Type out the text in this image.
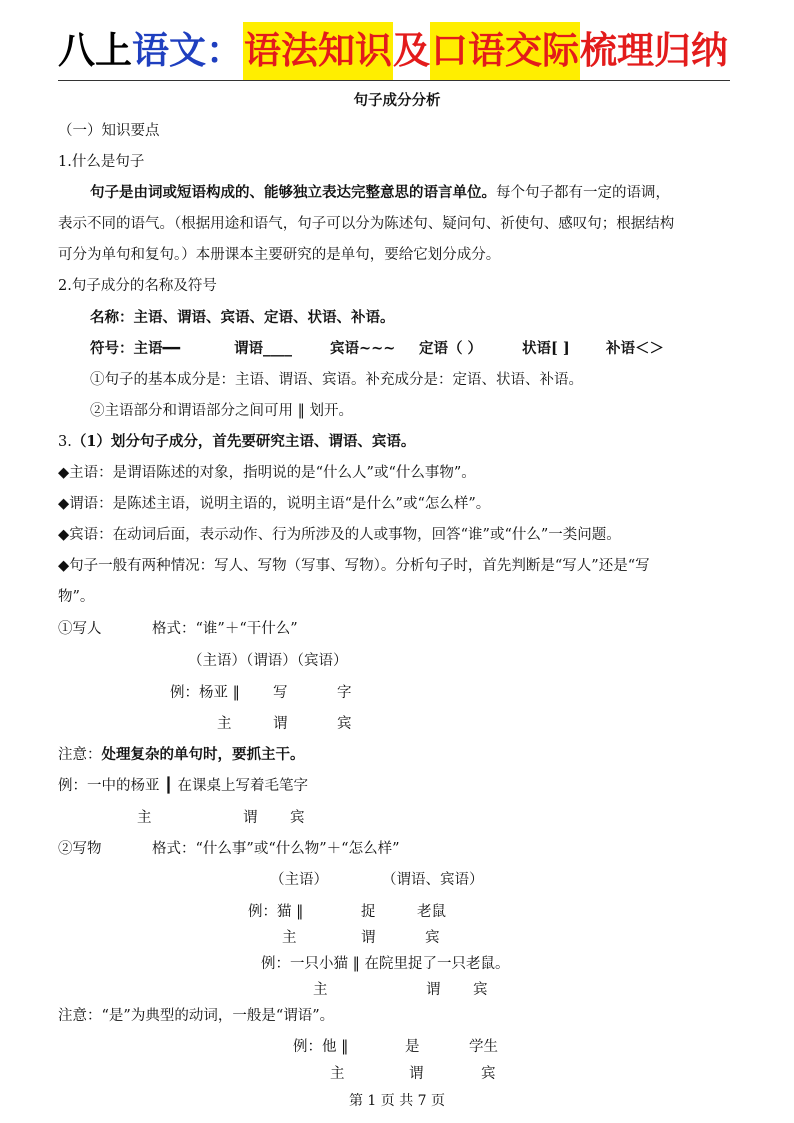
八上语文：语法知识及口语交际梳理归纳
句子成分分析
（一）知识要点
1.什么是句子
句子是由词或短语构成的、能够独立表达完整意思的语言单位。每个句子都有一定的语调，
表示不同的语气。（根据用途和语气，句子可以分为陈述句、疑问句、祈使句、感叹句；根据结构
可分为单句和复句。）本册课本主要研究的是单句，要给它划分成分。
2.句子成分的名称及符号
名称：主语、谓语、宾语、定语、状语、补语。
符号：主语━━	谓语____	宾语~~~ 定语（ ）	状语[ ] 补语＜＞
①句子的基本成分是：主语、谓语、宾语。补充成分是：定语、状语、补语。
②主语部分和谓语部分之间可用 ‖ 划开。
3.（1）划分句子成分，首先要研究主语、谓语、宾语。
◆主语：是谓语陈述的对象，指明说的是“什么人”或“什么事物”。
◆谓语：是陈述主语，说明主语的，说明主语“是什么”或“怎么样”。
◆宾语：在动词后面，表示动作、行为所涉及的人或事物，回答“谁”或“什么”一类问题。
◆句子一般有两种情况：写人、写物（写事、写物）。分析句子时，首先判断是“写人”还是“写
物”。
①写人	格式：“谁”＋“干什么”
（主语）（谓语）（宾语）
例：杨亚 ‖ 写	字
主	谓	宾
注意：处理复杂的单句时，要抓主干。
例：一中的杨亚 ┃ 在课桌上写着毛笔字
主	谓 宾
②写物	格式：“什么事”或“什么物”＋“怎么样”
（主语）	（谓语、宾语）
例：猫 ‖	捉	老鼠
主	谓	宾
例：一只小猫 ‖ 在院里捉了一只老鼠。
主	谓 宾
注意：“是”为典型的动词，一般是“谓语”。
例：他 ‖	是	学生
主	谓	宾
第 1 页 共 7 页
